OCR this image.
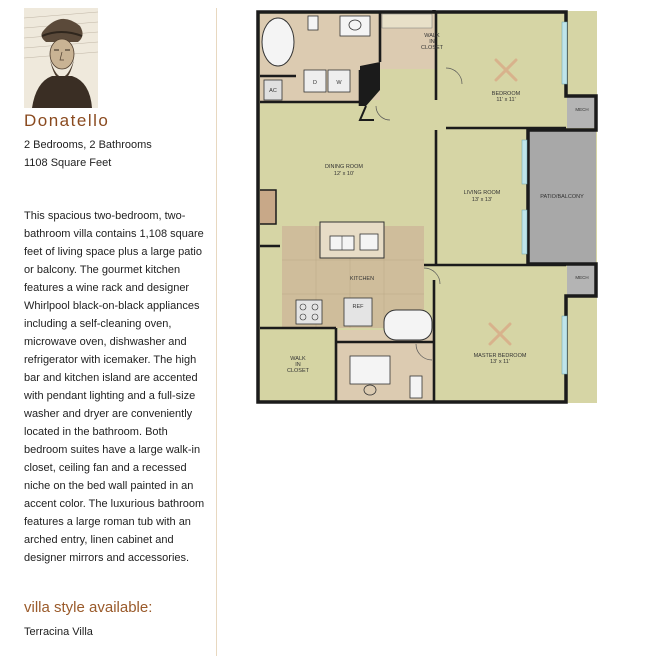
Donatello
2 Bedrooms, 2 Bathrooms
1108 Square Feet

This spacious two-bedroom, two-bathroom villa contains 1,108 square feet of living space plus a large patio or balcony. The gourmet kitchen features a wine rack and designer Whirlpool black-on-black appliances including a self-cleaning oven, microwave oven, dishwasher and refrigerator with icemaker. The high bar and kitchen island are accented with pendant lighting and a full-size washer and dryer are conveniently located in the bathroom. Both bedroom suites have a large walk-in closet, ceiling fan and a recessed niche on the bed wall painted in an accent color. The luxurious bathroom features a large roman tub with an arched entry, linen cabinet and designer mirrors and accessories.

villa style available:
Terracina Villa
D	W
AC
WALK
IN
CLOSET
BEDROOM
11' x 11'
MECH
MECH
DINING ROOM
12' x 10'
LIVING ROOM
13' x 13'	PATIO/BALCONY
KITCHEN
REF
WALK
IN
CLOSET
MASTER BEDROOM
13' x 11'
